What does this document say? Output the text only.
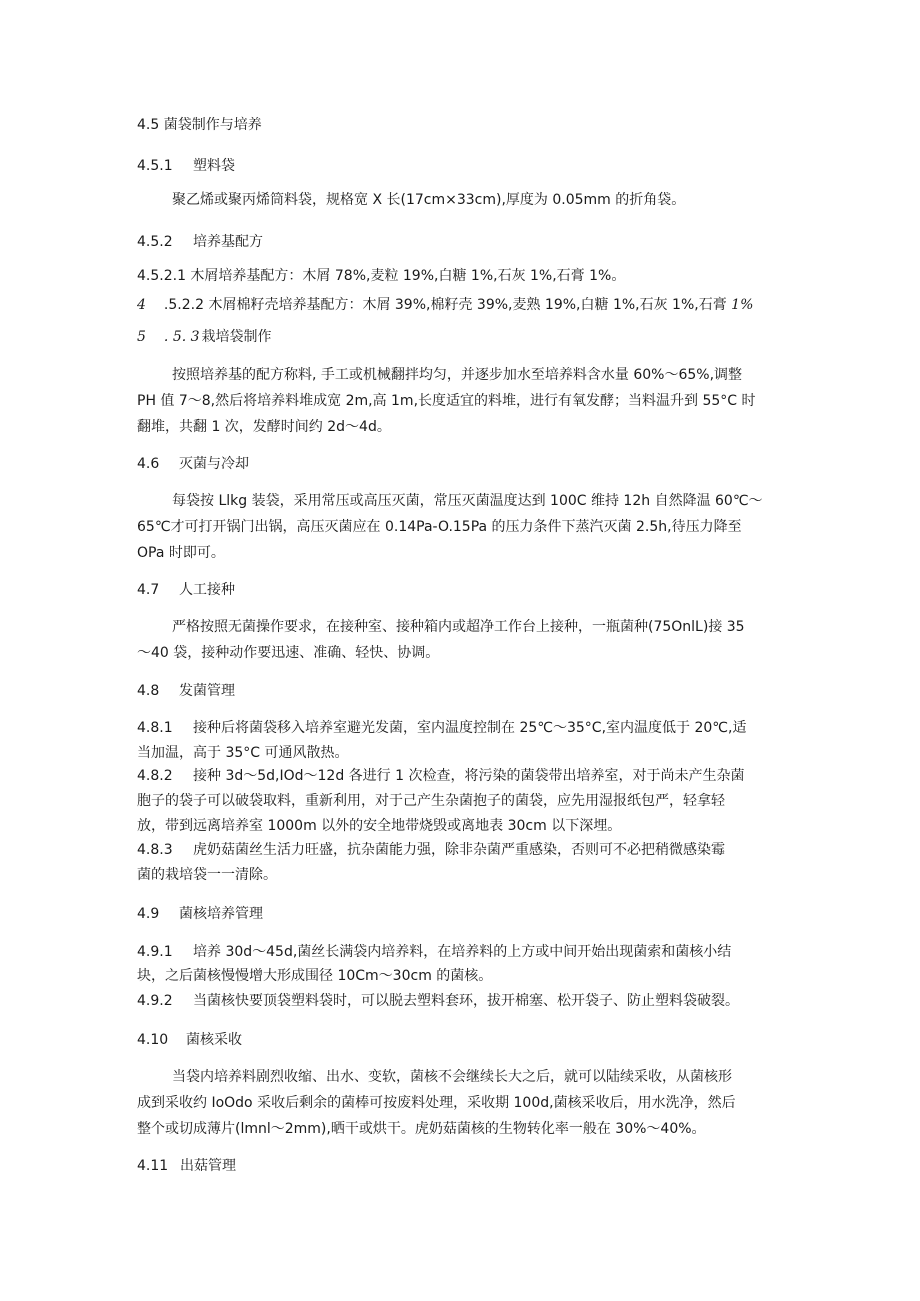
4.5 菌袋制作与培养
4.5.1 塑料袋
聚乙烯或聚丙烯筒料袋，规格宽 X 长(17cm×33cm),厚度为 0.05mm 的折角袋。
4.5.2 培养基配方
4.5.2.1 木屑培养基配方：木屑 78%,麦粒 19%,白糖 1%,石灰 1%,石膏 1%。
4 .5.2.2 木屑棉籽壳培养基配方：木屑 39%,棉籽壳 39%,麦熟 19%,白糖 1%,石灰 1%,石膏 1%
5 . 5. 3 栽培袋制作
按照培养基的配方称料, 手工或机械翻拌均匀，并逐步加水至培养料含水量 60%～65%,调整
PH 值 7～8,然后将培养料堆成宽 2m,高 1m,长度适宜的料堆，进行有氧发酵；当料温升到 55°C 时
翻堆，共翻 1 次，发酵时间约 2d～4d。
4.6 灭菌与冷却
每袋按 Llkg 装袋，采用常压或高压灭菌，常压灭菌温度达到 100C 维持 12h 自然降温 60℃～
65℃才可打开锅门出锅，高压灭菌应在 0.14Pa-O.15Pa 的压力条件下蒸汽灭菌 2.5h,待压力降至
OPa 时即可。
4.7 人工接种
严格按照无菌操作要求，在接种室、接种箱内或超净工作台上接种，一瓶菌种(75OnlL)接 35
～40 袋，接种动作要迅速、准确、轻快、协调。
4.8 发菌管理
4.8.1 接种后将菌袋移入培养室避光发菌，室内温度控制在 25℃～35°C,室内温度低于 20℃,适
当加温，高于 35°C 可通风散热。
4.8.2 接种 3d～5d,IOd～12d 各进行 1 次检查，将污染的菌袋带出培养室，对于尚未产生杂菌
胞子的袋子可以破袋取料，重新利用，对于己产生杂菌抱子的菌袋，应先用湿报纸包严，轻拿轻
放，带到远离培养室 1000m 以外的安全地带烧毁或离地表 30cm 以下深埋。
4.8.3 虎奶菇菌丝生活力旺盛，抗杂菌能力强，除非杂菌严重感染，否则可不必把稍微感染霉
菌的栽培袋一一清除。
4.9 菌核培养管理
4.9.1 培养 30d～45d,菌丝长满袋内培养料，在培养料的上方或中间开始出现菌索和菌核小结
块，之后菌核慢慢增大形成围径 10Cm～30cm 的菌核。
4.9.2 当菌核快要顶袋塑料袋时，可以脱去塑料套环，拔开棉塞、松开袋子、防止塑料袋破裂。
4.10 菌核采收
当袋内培养料剧烈收缩、出水、变软，菌核不会继续长大之后，就可以陆续采收，从菌核形
成到采收约 IoOdo 采收后剩余的菌棒可按废料处理，采收期 100d,菌核采收后，用水洗净，然后
整个或切成薄片(lmnl～2mm),晒干或烘干。虎奶菇菌核的生物转化率一般在 30%～40%。
4.11 出菇管理
